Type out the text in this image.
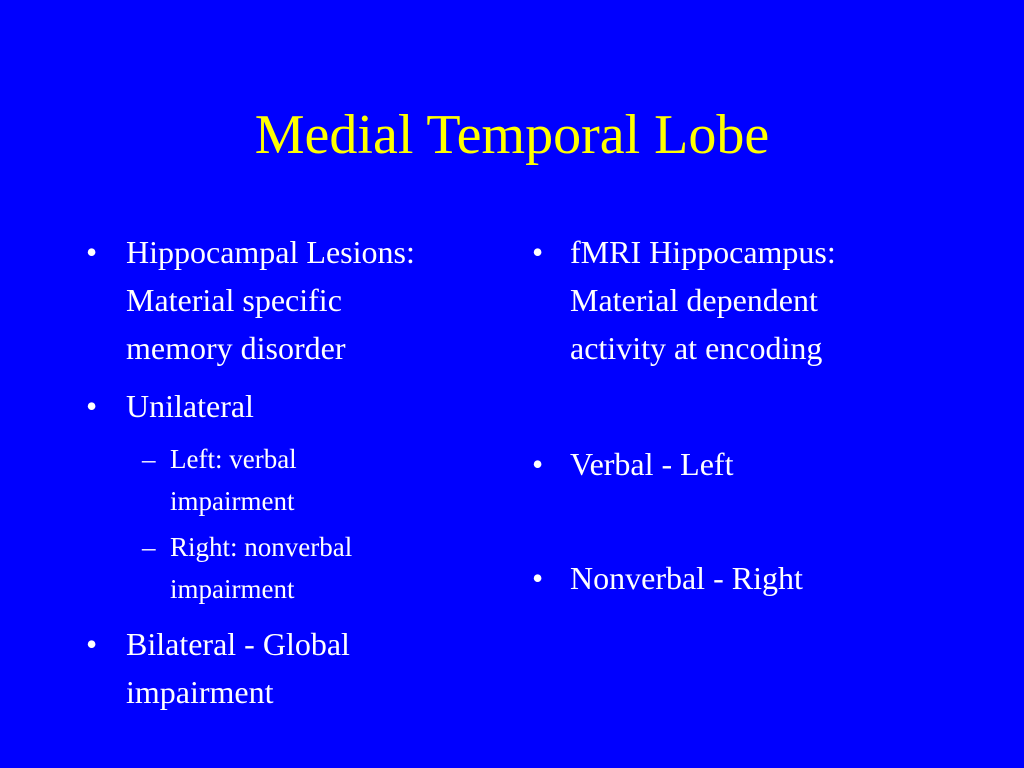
Medial Temporal Lobe
• Hippocampal Lesions:
Material specific
memory disorder
• Unilateral
– Left: verbal
impairment
– Right: nonverbal
impairment
• Bilateral - Global
impairment
• fMRI Hippocampus:
Material dependent
activity at encoding
• Verbal - Left
• Nonverbal - Right
